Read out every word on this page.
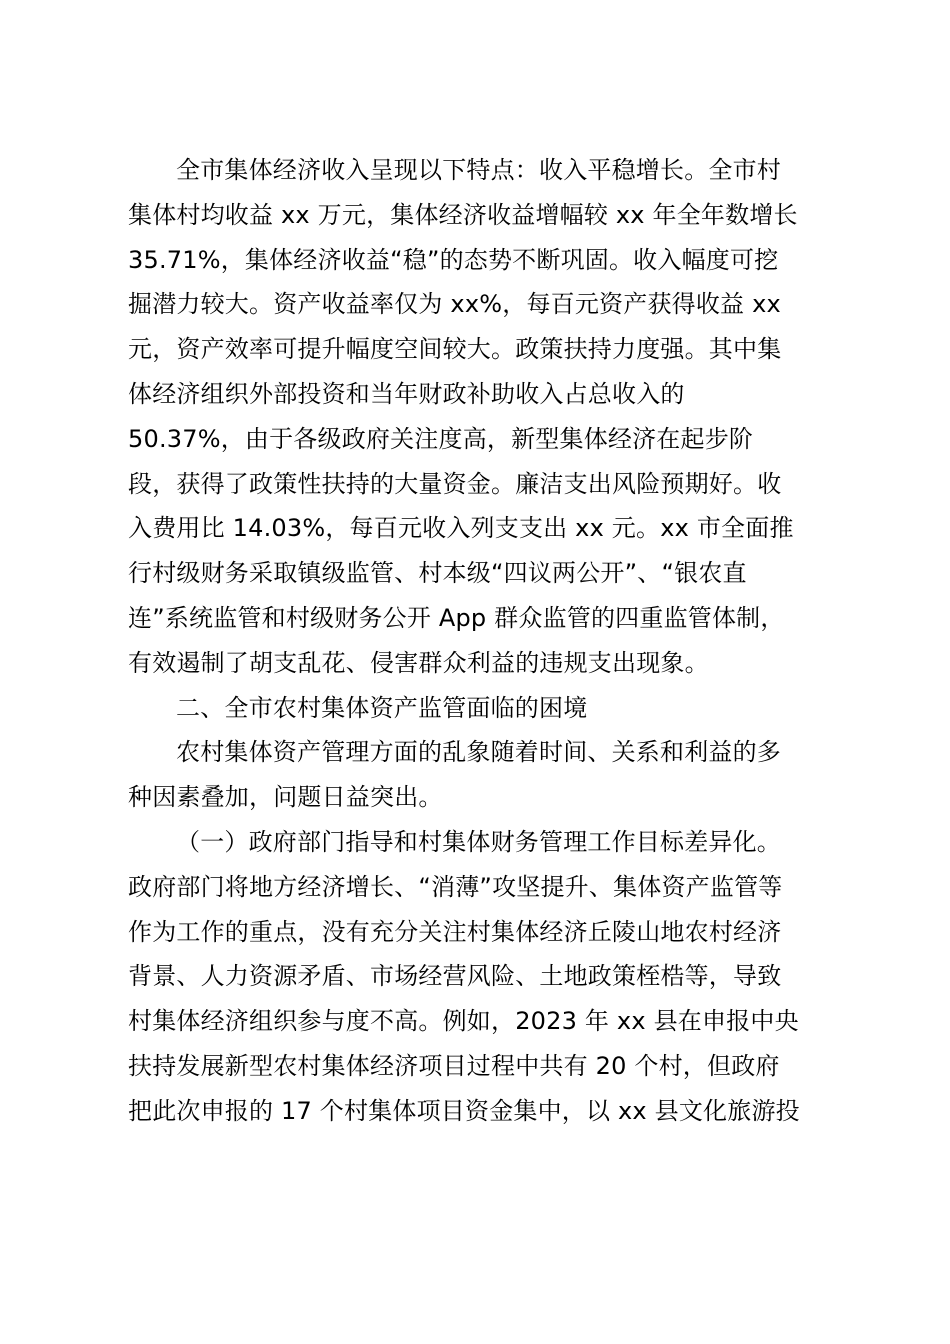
全市集体经济收入呈现以下特点：收入平稳增长。全市村
集体村均收益 xx 万元，集体经济收益增幅较 xx 年全年数增长
35.71%，集体经济收益“稳”的态势不断巩固。收入幅度可挖
掘潜力较大。资产收益率仅为 xx%，每百元资产获得收益 xx
元，资产效率可提升幅度空间较大。政策扶持力度强。其中集
体经济组织外部投资和当年财政补助收入占总收入的
50.37%，由于各级政府关注度高，新型集体经济在起步阶
段，获得了政策性扶持的大量资金。廉洁支出风险预期好。收
入费用比 14.03%，每百元收入列支支出 xx 元。xx 市全面推
行村级财务采取镇级监管、村本级“四议两公开”、“银农直
连”系统监管和村级财务公开 App 群众监管的四重监管体制，
有效遏制了胡支乱花、侵害群众利益的违规支出现象。
二、全市农村集体资产监管面临的困境
农村集体资产管理方面的乱象随着时间、关系和利益的多
种因素叠加，问题日益突出。
（一）政府部门指导和村集体财务管理工作目标差异化。
政府部门将地方经济增长、“消薄”攻坚提升、集体资产监管等
作为工作的重点，没有充分关注村集体经济丘陵山地农村经济
背景、人力资源矛盾、市场经营风险、土地政策桎梏等，导致
村集体经济组织参与度不高。例如，2023 年 xx 县在申报中央
扶持发展新型农村集体经济项目过程中共有 20 个村，但政府
把此次申报的 17 个村集体项目资金集中，以 xx 县文化旅游投
